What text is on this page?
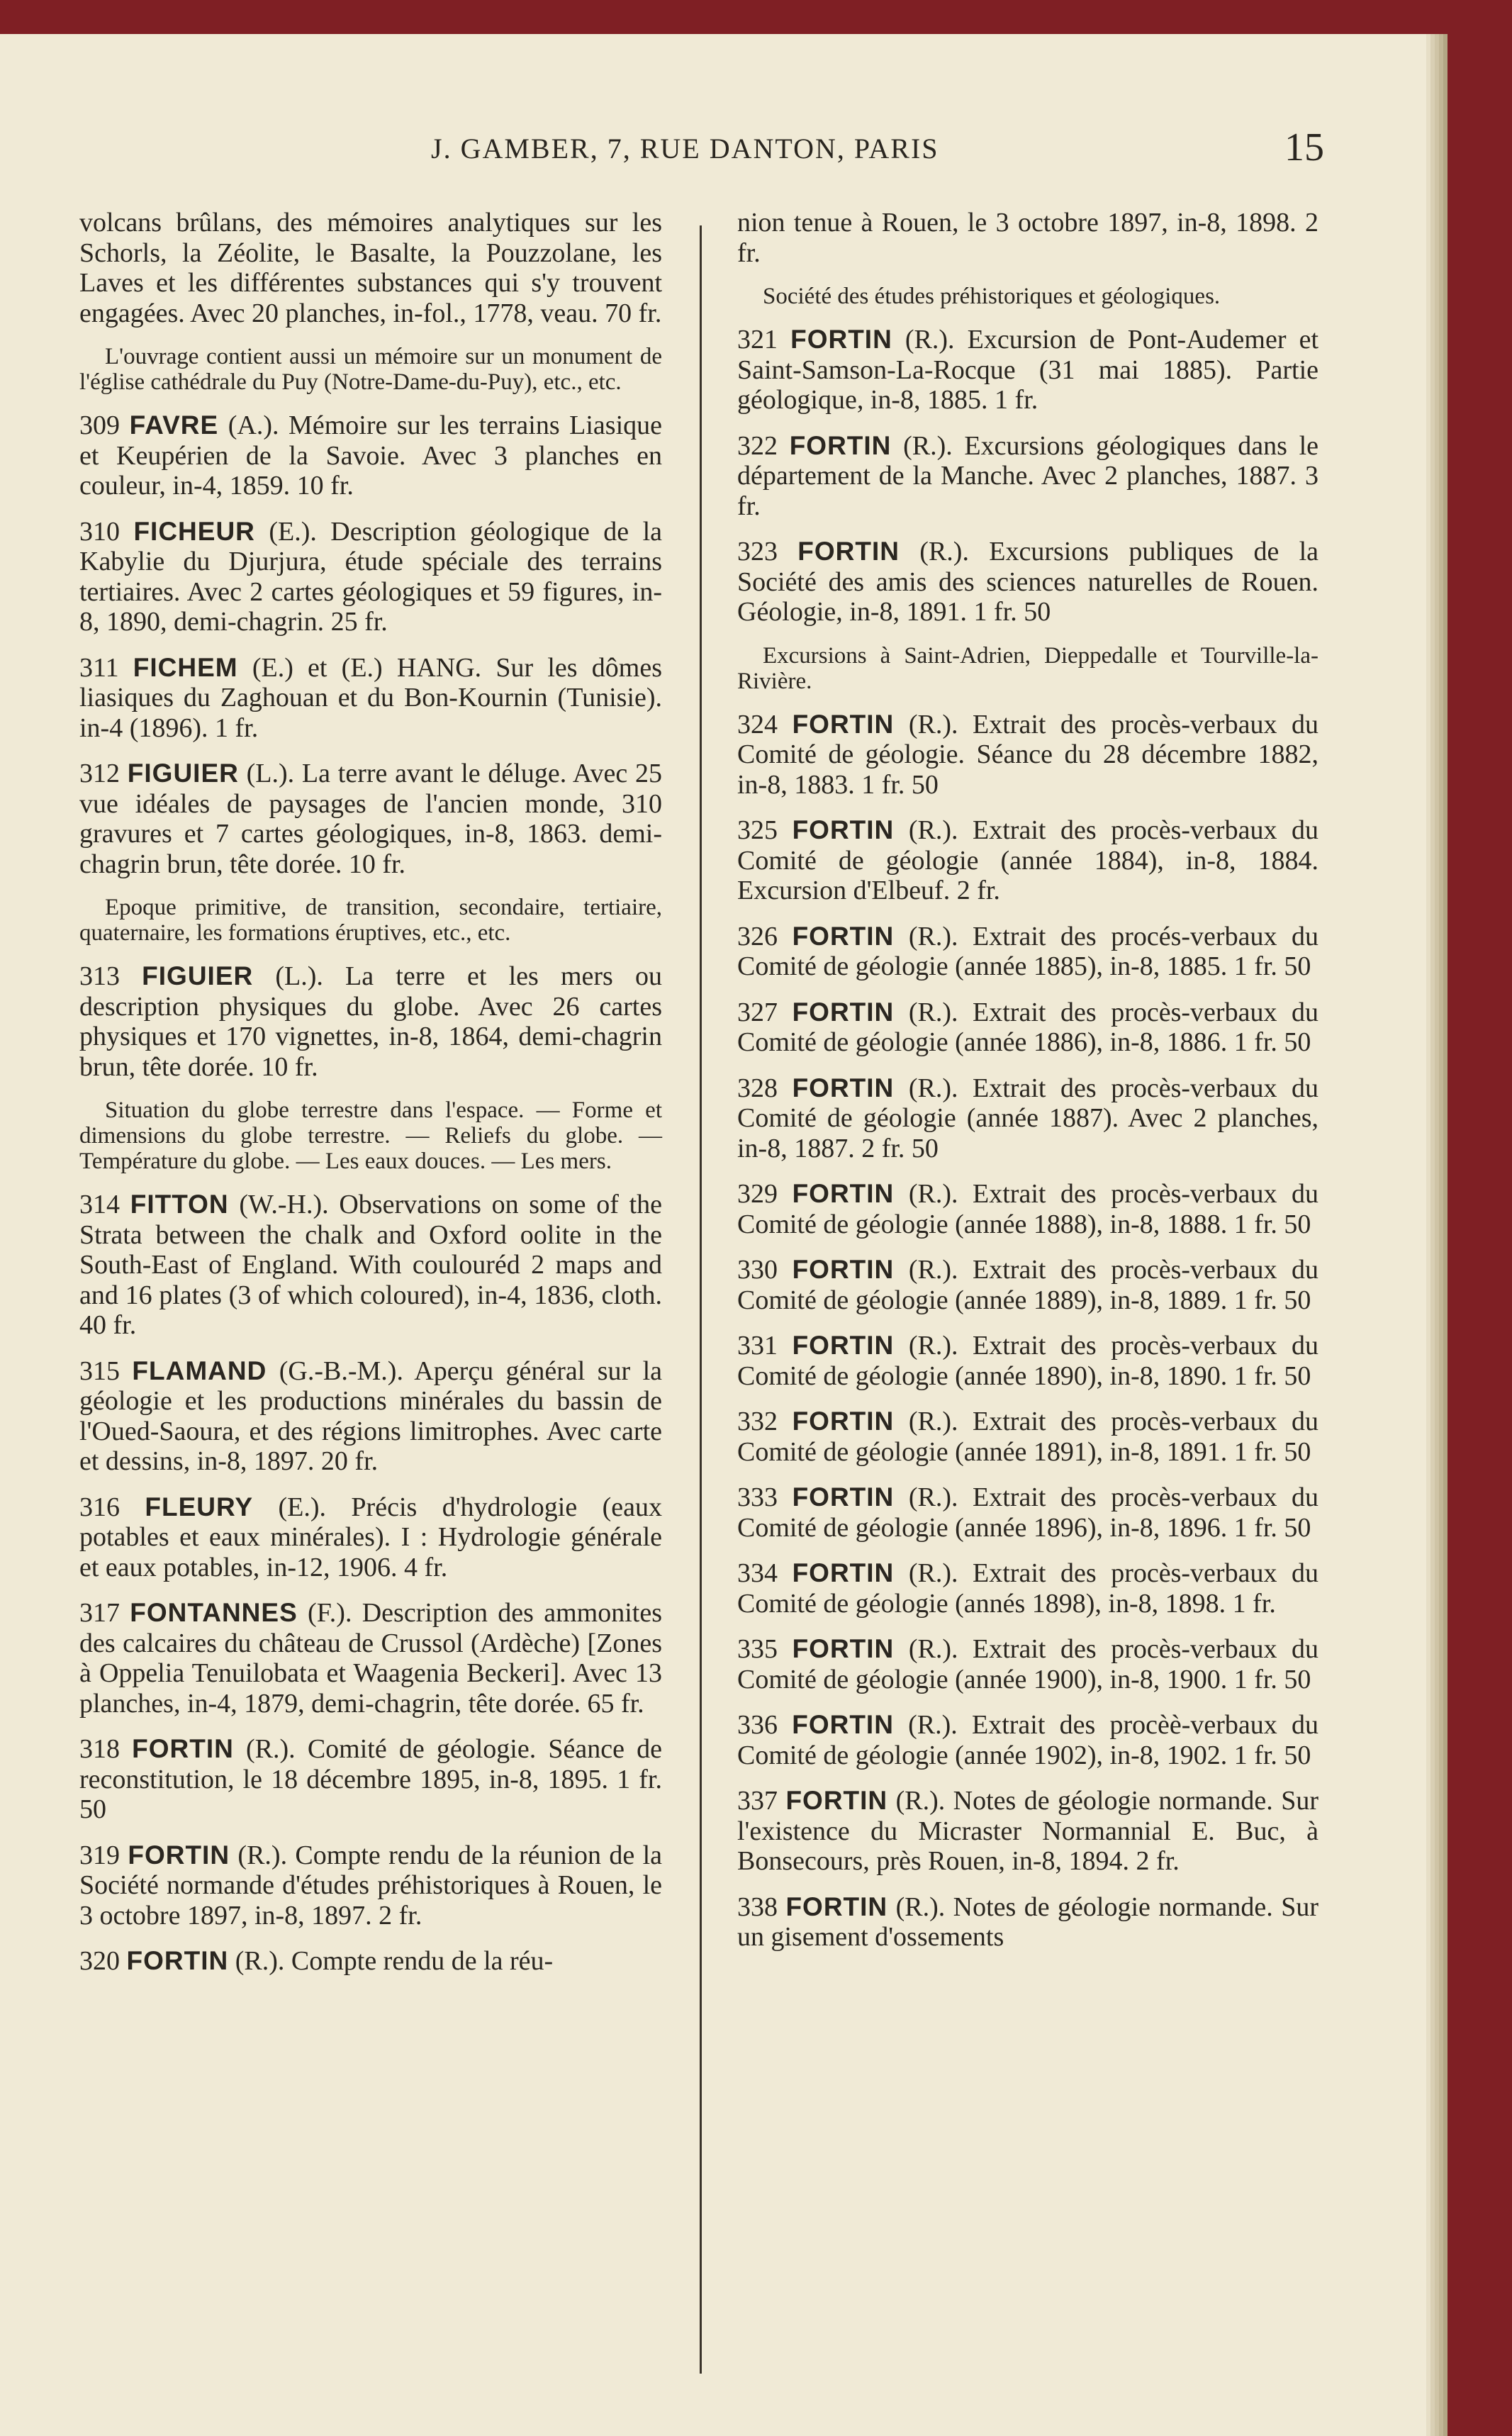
J. GAMBER, 7, RUE DANTON, PARIS	15
volcans brûlans, des mémoires analytiques sur les Schorls, la Zéolite, le Basalte, la Pouzzolane, les Laves et les différentes substances qui s'y trouvent engagées. Avec 20 planches, in-fol., 1778, veau. 70 fr.
L'ouvrage contient aussi un mémoire sur un monument de l'église cathédrale du Puy (Notre-Dame-du-Puy), etc., etc.
309 FAVRE (A.). Mémoire sur les terrains Liasique et Keupérien de la Savoie. Avec 3 planches en couleur, in-4, 1859. 10 fr.
310 FICHEUR (E.). Description géologique de la Kabylie du Djurjura, étude spéciale des terrains tertiaires. Avec 2 cartes géologiques et 59 figures, in-8, 1890, demi-chagrin. 25 fr.
311 FICHEM (E.) et (E.) HANG. Sur les dômes liasiques du Zaghouan et du Bon-Kournin (Tunisie). in-4 (1896). 1 fr.
312 FIGUIER (L.). La terre avant le déluge. Avec 25 vue idéales de paysages de l'ancien monde, 310 gravures et 7 cartes géologiques, in-8, 1863. demi-chagrin brun, tête dorée. 10 fr.
Epoque primitive, de transition, secondaire, tertiaire, quaternaire, les formations éruptives, etc., etc.
313 FIGUIER (L.). La terre et les mers ou description physiques du globe. Avec 26 cartes physiques et 170 vignettes, in-8, 1864, demi-chagrin brun, tête dorée. 10 fr.
Situation du globe terrestre dans l'espace. — Forme et dimensions du globe terrestre. — Reliefs du globe. — Température du globe. — Les eaux douces. — Les mers.
314 FITTON (W.-H.). Observations on some of the Strata between the chalk and Oxford oolite in the South-East of England. With coulouréd 2 maps and and 16 plates (3 of which coloured), in-4, 1836, cloth. 40 fr.
315 FLAMAND (G.-B.-M.). Aperçu général sur la géologie et les productions minérales du bassin de l'Oued-Saoura, et des régions limitrophes. Avec carte et dessins, in-8, 1897. 20 fr.
316 FLEURY (E.). Précis d'hydrologie (eaux potables et eaux minérales). I : Hydrologie générale et eaux potables, in-12, 1906. 4 fr.
317 FONTANNES (F.). Description des ammonites des calcaires du château de Crussol (Ardèche) [Zones à Oppelia Tenuilobata et Waagenia Beckeri]. Avec 13 planches, in-4, 1879, demi-chagrin, tête dorée. 65 fr.
318 FORTIN (R.). Comité de géologie. Séance de reconstitution, le 18 décembre 1895, in-8, 1895. 1 fr. 50
319 FORTIN (R.). Compte rendu de la réunion de la Société normande d'études préhistoriques à Rouen, le 3 octobre 1897, in-8, 1897. 2 fr.
320 FORTIN (R.). Compte rendu de la réu-
nion tenue à Rouen, le 3 octobre 1897, in-8, 1898. 2 fr.
Société des études préhistoriques et géologiques.
321 FORTIN (R.). Excursion de Pont-Audemer et Saint-Samson-La-Rocque (31 mai 1885). Partie géologique, in-8, 1885. 1 fr.
322 FORTIN (R.). Excursions géologiques dans le département de la Manche. Avec 2 planches, 1887. 3 fr.
323 FORTIN (R.). Excursions publiques de la Société des amis des sciences naturelles de Rouen. Géologie, in-8, 1891. 1 fr. 50
Excursions à Saint-Adrien, Dieppedalle et Tourville-la-Rivière.
324 FORTIN (R.). Extrait des procès-verbaux du Comité de géologie. Séance du 28 décembre 1882, in-8, 1883. 1 fr. 50
325 FORTIN (R.). Extrait des procès-verbaux du Comité de géologie (année 1884), in-8, 1884. Excursion d'Elbeuf. 2 fr.
326 FORTIN (R.). Extrait des procés-verbaux du Comité de géologie (année 1885), in-8, 1885. 1 fr. 50
327 FORTIN (R.). Extrait des procès-verbaux du Comité de géologie (année 1886), in-8, 1886. 1 fr. 50
328 FORTIN (R.). Extrait des procès-verbaux du Comité de géologie (année 1887). Avec 2 planches, in-8, 1887. 2 fr. 50
329 FORTIN (R.). Extrait des procès-verbaux du Comité de géologie (année 1888), in-8, 1888. 1 fr. 50
330 FORTIN (R.). Extrait des procès-verbaux du Comité de géologie (année 1889), in-8, 1889. 1 fr. 50
331 FORTIN (R.). Extrait des procès-verbaux du Comité de géologie (année 1890), in-8, 1890. 1 fr. 50
332 FORTIN (R.). Extrait des procès-verbaux du Comité de géologie (année 1891), in-8, 1891. 1 fr. 50
333 FORTIN (R.). Extrait des procès-verbaux du Comité de géologie (année 1896), in-8, 1896. 1 fr. 50
334 FORTIN (R.). Extrait des procès-verbaux du Comité de géologie (annés 1898), in-8, 1898. 1 fr.
335 FORTIN (R.). Extrait des procès-verbaux du Comité de géologie (année 1900), in-8, 1900. 1 fr. 50
336 FORTIN (R.). Extrait des procèè-verbaux du Comité de géologie (année 1902), in-8, 1902. 1 fr. 50
337 FORTIN (R.). Notes de géologie normande. Sur l'existence du Micraster Normannial E. Buc, à Bonsecours, près Rouen, in-8, 1894. 2 fr.
338 FORTIN (R.). Notes de géologie normande. Sur un gisement d'ossements
